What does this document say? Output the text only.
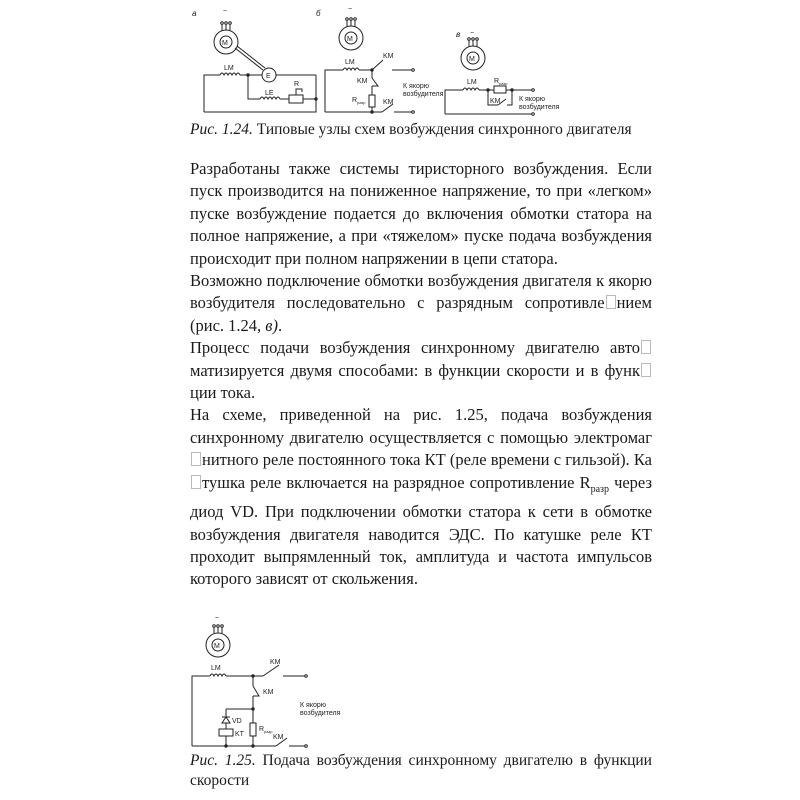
а	~
M
E
LM
LE
R
б	~
M
LM
KM
KM
KM
R разр
К якорю
возбудителя
в ~
M
LM R разр
KM	К якорю
возбудителя

Рис. 1.24. Типовые узлы схем возбуждения синхронного двигателя

Разработаны также системы тиристорного возбуждения. Если пуск производится на пониженное напряжение, то при «легком» пуске возбуждение подается до включения обмотки статора на полное напряжение, а при «тяжелом» пуске подача возбуждения происходит при полном напряжении в цепи статора.

Возможно подключение обмотки возбуждения двигателя к якорю возбудителя последовательно с разрядным сопротивле нием (рис. 1.24, в).

Процесс подачи возбуждения синхронному двигателю автоматизируется двумя способами: в функции скорости и в функции тока.

На схеме, приведенной на рис. 1.25, подача возбуждения синхронному двигателю осуществляется с помощью электромагнитного реле постоянного тока КТ (реле времени с гильзой). Катушка реле включается на разрядное сопротивление $R_{разр}$ через диод VD. При подключении обмотки статора к сети в обмотке возбуждения двигателя наводится ЭДС. По катушке реле КТ проходит выпрямленный ток, амплитуда и частота импульсов которого зависят от скольжения.

~
M
LM
KM
KM
VD
KT
R разр
KM
К якорю
возбудителя

Рис. 1.25. Подача возбуждения синхронному двигателю в функции скорости
